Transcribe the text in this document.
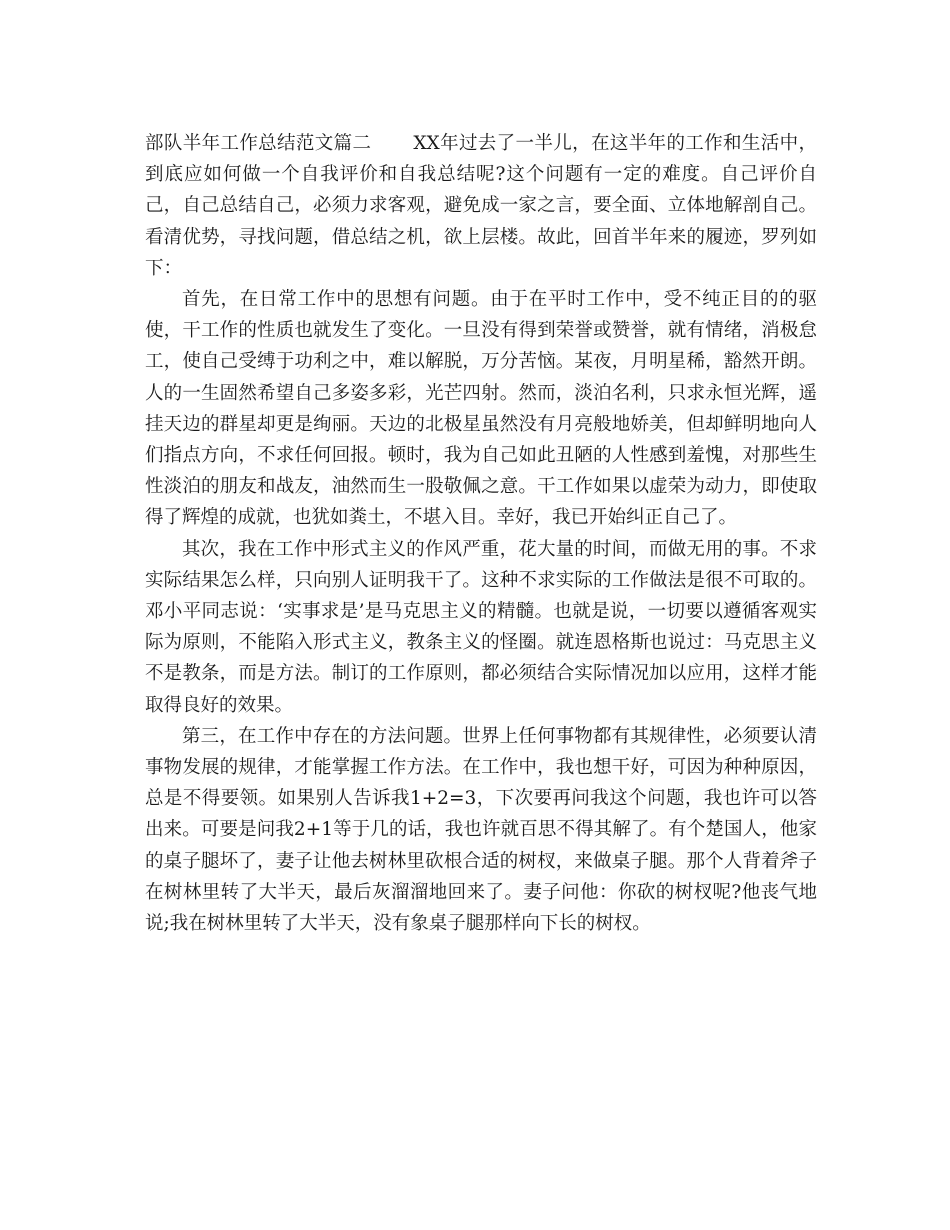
部队半年工作总结范文篇二 XX年过去了一半儿，在这半年的工作和生活中，到底应如何做一个自我评价和自我总结呢?这个问题有一定的难度。自己评价自己，自己总结自己，必须力求客观，避免成一家之言，要全面、立体地解剖自己。看清优势，寻找问题，借总结之机，欲上层楼。故此，回首半年来的履迹，罗列如下：

首先，在日常工作中的思想有问题。由于在平时工作中，受不纯正目的的驱使，干工作的性质也就发生了变化。一旦没有得到荣誉或赞誉，就有情绪，消极怠工，使自己受缚于功利之中，难以解脱，万分苦恼。某夜，月明星稀，豁然开朗。人的一生固然希望自己多姿多彩，光芒四射。然而，淡泊名利，只求永恒光辉，遥挂天边的群星却更是绚丽。天边的北极星虽然没有月亮般地娇美，但却鲜明地向人们指点方向，不求任何回报。顿时，我为自己如此丑陋的人性感到羞愧，对那些生性淡泊的朋友和战友，油然而生一股敬佩之意。干工作如果以虚荣为动力，即使取得了辉煌的成就，也犹如粪土，不堪入目。幸好，我已开始纠正自己了。

其次，我在工作中形式主义的作风严重，花大量的时间，而做无用的事。不求实际结果怎么样，只向别人证明我干了。这种不求实际的工作做法是很不可取的。邓小平同志说：‘实事求是’是马克思主义的精髓。也就是说，一切要以遵循客观实际为原则，不能陷入形式主义，教条主义的怪圈。就连恩格斯也说过：马克思主义不是教条，而是方法。制订的工作原则，都必须结合实际情况加以应用，这样才能取得良好的效果。

第三，在工作中存在的方法问题。世界上任何事物都有其规律性，必须要认清事物发展的规律，才能掌握工作方法。在工作中，我也想干好，可因为种种原因，总是不得要领。如果别人告诉我1+2=3，下次要再问我这个问题，我也许可以答出来。可要是问我2+1等于几的话，我也许就百思不得其解了。有个楚国人，他家的桌子腿坏了，妻子让他去树林里砍根合适的树杈，来做桌子腿。那个人背着斧子在树林里转了大半天，最后灰溜溜地回来了。妻子问他：你砍的树杈呢?他丧气地说;我在树林里转了大半天，没有象桌子腿那样向下长的树杈。
